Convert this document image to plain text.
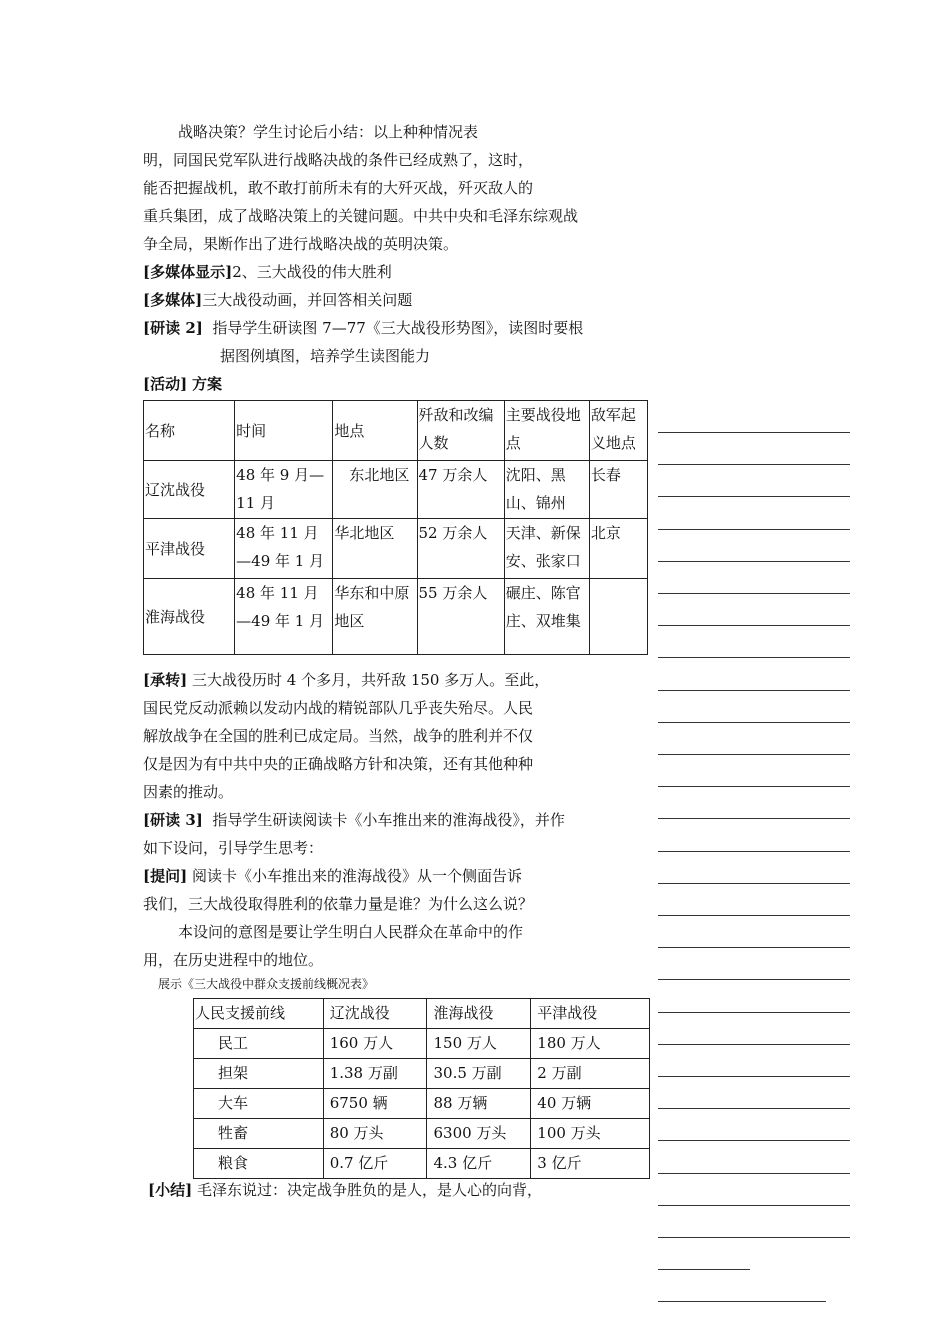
战略决策？学生讨论后小结：以上种种情况表
明，同国民党军队进行战略决战的条件已经成熟了，这时，
能否把握战机，敢不敢打前所未有的大歼灭战，歼灭敌人的
重兵集团，成了战略决策上的关键问题。中共中央和毛泽东综观战
争全局，果断作出了进行战略决战的英明决策。
[多媒体显示]2、三大战役的伟大胜利
[多媒体]三大战役动画，并回答相关问题
[研读 2] 指导学生研读图 7—77《三大战役形势图》，读图时要根
据图例填图，培养学生读图能力
[活动] 方案
名称	时间	地点	歼敌和改编人数	主要战役地点	敌军起义地点
辽沈战役	48 年 9 月—11 月	东北地区	47 万余人	沈阳、黑山、锦州	长春
平津战役	48 年 11 月—49 年 1 月	华北地区	52 万余人	天津、新保安、张家口	北京
淮海战役	48 年 11 月—49 年 1 月	华东和中原地区	55 万余人	碾庄、陈官庄、双堆集	
[承转] 三大战役历时 4 个多月，共歼敌 150 多万人。至此，
国民党反动派赖以发动内战的精锐部队几乎丧失殆尽。人民
解放战争在全国的胜利已成定局。当然，战争的胜利并不仅
仅是因为有中共中央的正确战略方针和决策，还有其他种种
因素的推动。
[研读 3] 指导学生研读阅读卡《小车推出来的淮海战役》，并作
如下设问，引导学生思考：
[提问] 阅读卡《小车推出来的淮海战役》从一个侧面告诉
我们，三大战役取得胜利的依靠力量是谁？为什么这么说？
本设问的意图是要让学生明白人民群众在革命中的作
用，在历史进程中的地位。
展示《三大战役中群众支援前线概况表》
人民支援前线	辽沈战役	淮海战役	平津战役
民工	160 万人	150 万人	180 万人
担架	1.38 万副	30.5 万副	2 万副
大车	6750 辆	88 万辆	40 万辆
牲畜	80 万头	6300 万头	100 万头
粮食	0.7 亿斤	4.3 亿斤	3 亿斤
[小结] 毛泽东说过：决定战争胜负的是人，是人心的向背，
